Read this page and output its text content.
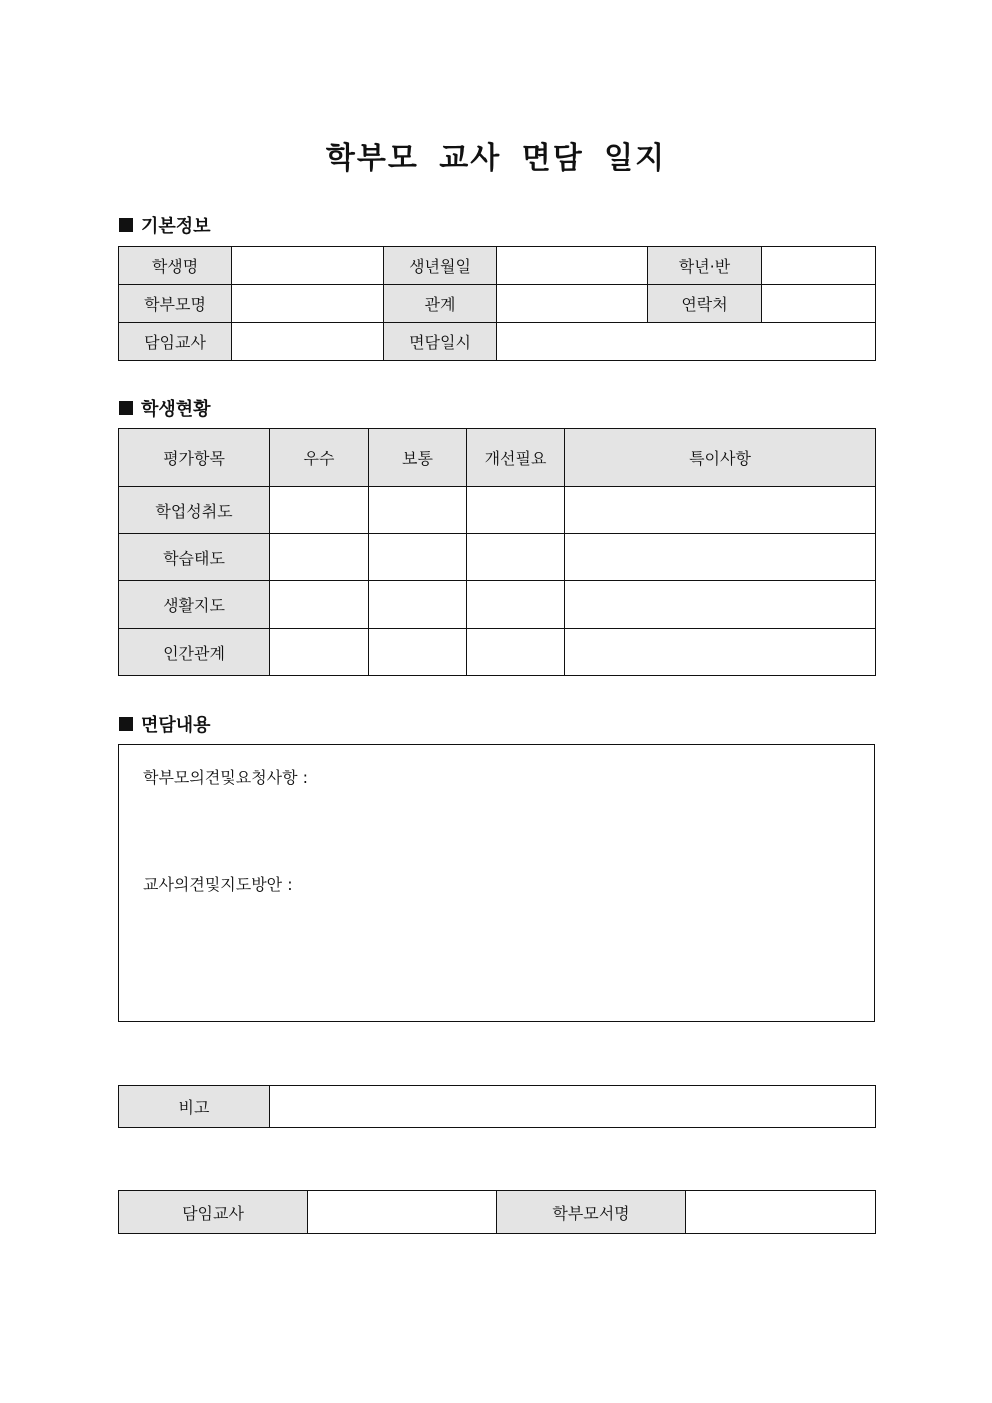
학부모 교사 면담 일지
기본정보
학생명		생년월일		학년·반	
학부모명		관계		연락처	
담임교사		면담일시			
학생현황
평가항목	우수	보통	개선필요	특이사항
학업성취도				
학습태도				
생활지도				
인간관계				
면담내용

학부모의견및요청사항 :

교사의견및지도방안 :

비고	
담임교사		학부모서명	
